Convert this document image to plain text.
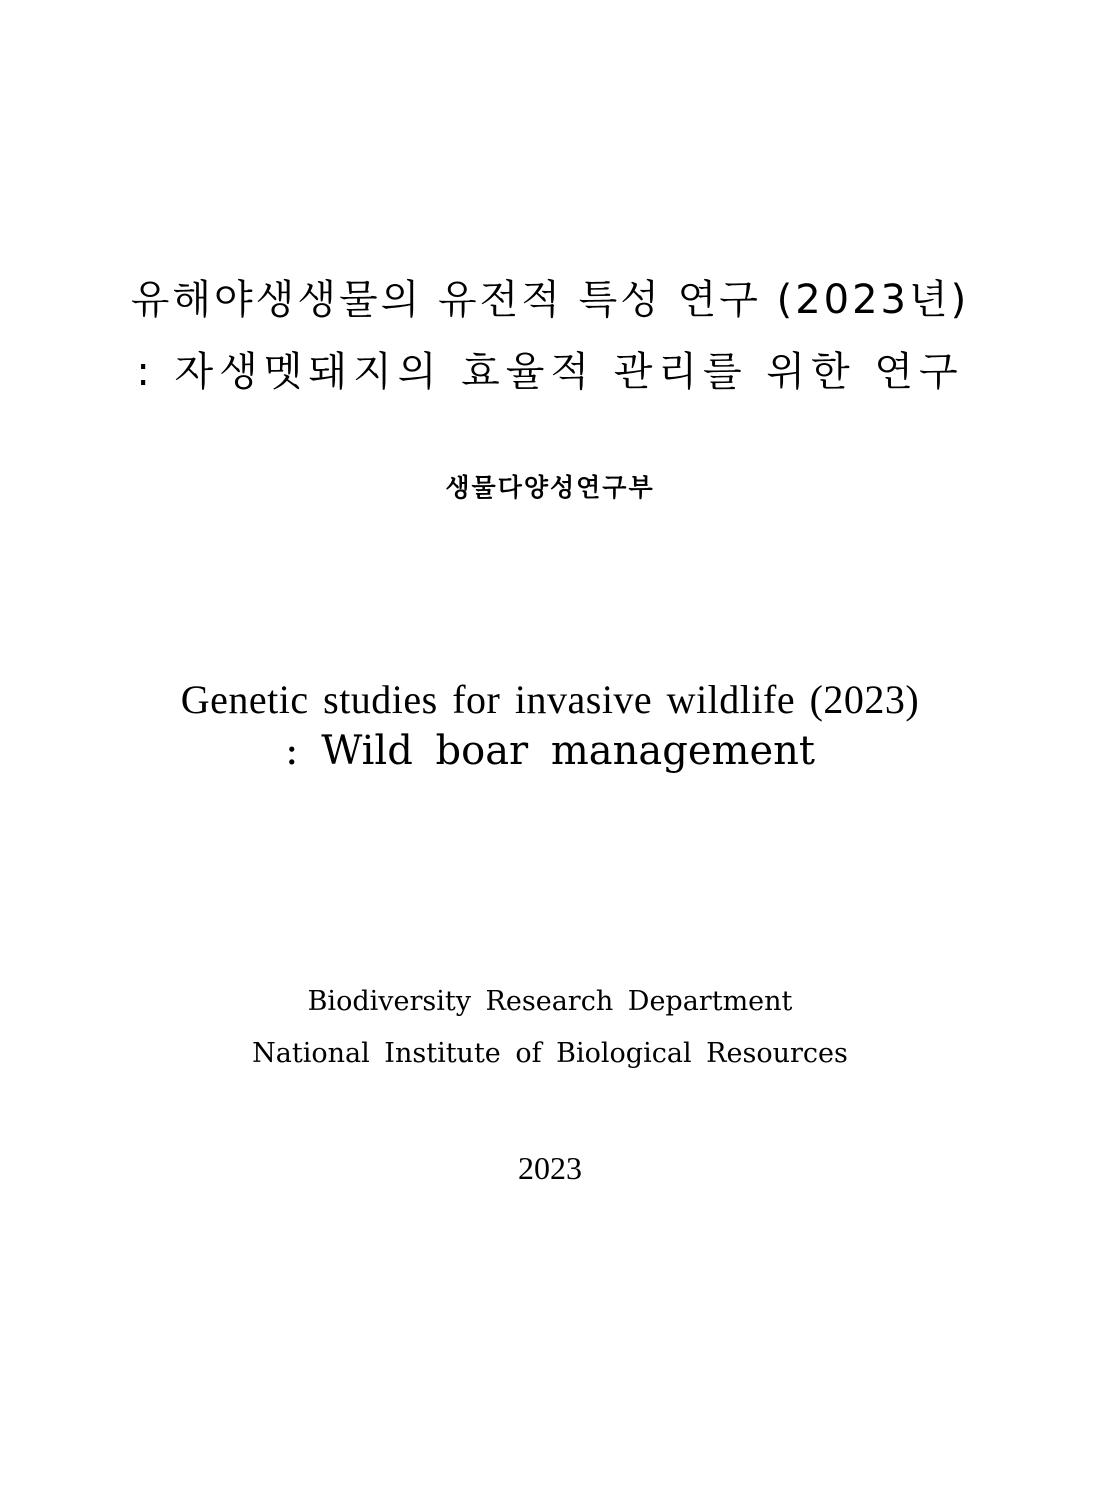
유해야생생물의 유전적 특성 연구 (2023년)
: 자생멧돼지의 효율적 관리를 위한 연구
생물다양성연구부
Genetic studies for invasive wildlife (2023)
: Wild boar management
Biodiversity Research Department
National Institute of Biological Resources
2023
